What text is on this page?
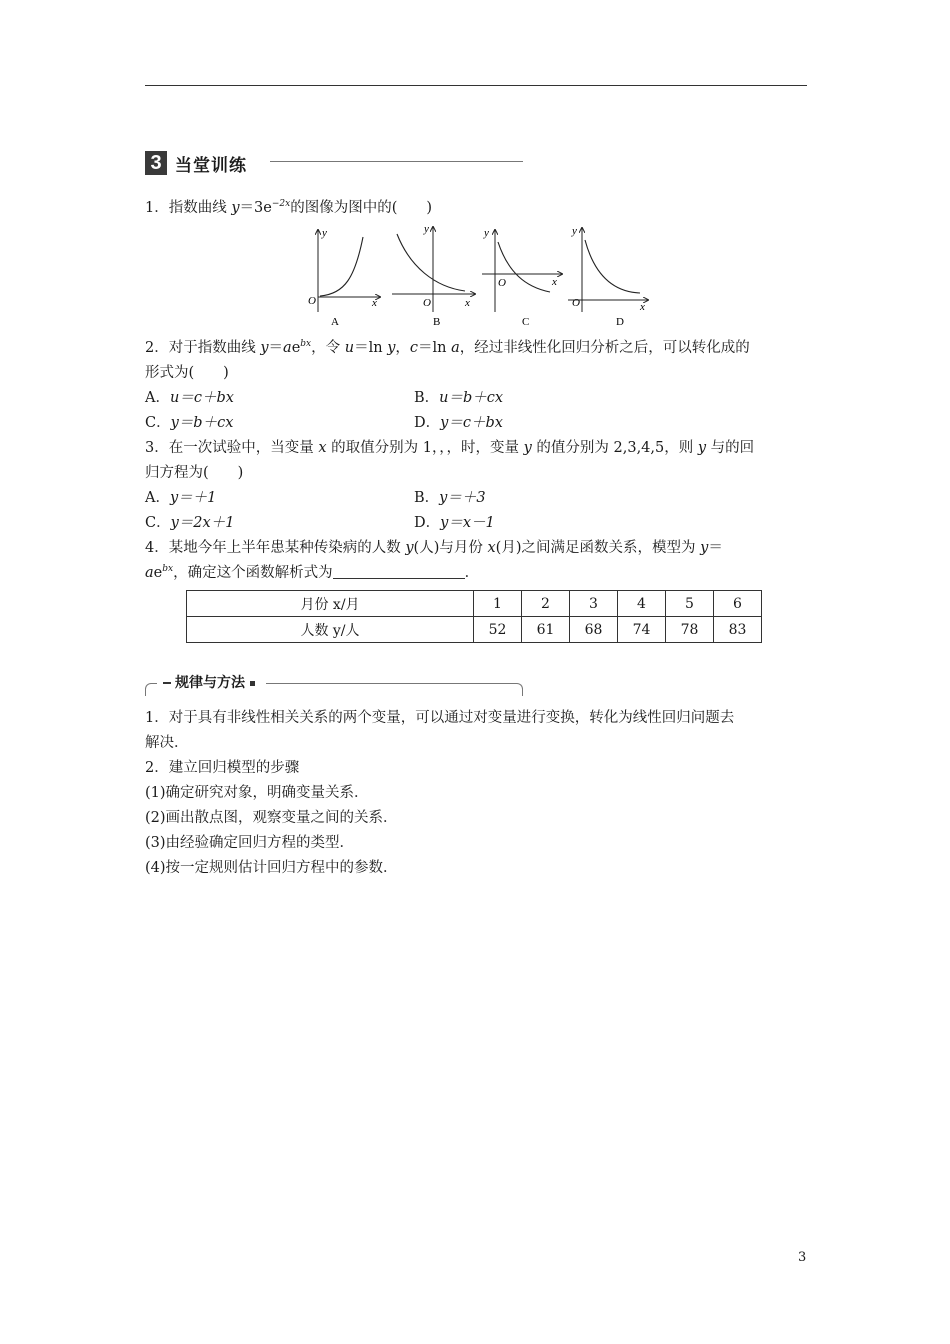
3 当堂训练
1．指数曲线 $y=3e^{-2x}$的图像为图中的(　　)
O	x
y
A
O	x
y
B
O	x
y
C
O	x
y
D
2．对于指数曲线 $y=ae^{bx}$，令 u＝ln y，c＝ln a，经过非线性化回归分析之后，可以转化成的
形式为(　　)
A．u＝c＋bx	B．u＝b＋cx
C．y＝b＋cx	D．y＝c＋bx
3．在一次试验中，当变量 x 的取值分别为 1，，，时，变量 y 的值分别为 2,3,4,5，则 y 与的回
归方程为(　　)
A．y＝＋1	B．y＝＋3
C．y＝2x＋1	D．y＝x－1
4．某地今年上半年患某种传染病的人数 y(人)与月份 x(月)之间满足函数关系，模型为 y＝
$ae^{bx}$，确定这个函数解析式为	．
月份 x/月	1	2	3	4	5	6
人数 y/人	52	61	68	74	78	83
规律与方法
1．对于具有非线性相关关系的两个变量，可以通过对变量进行变换，转化为线性回归问题去
解决．
2．建立回归模型的步骤
(1)确定研究对象，明确变量关系．
(2)画出散点图，观察变量之间的关系．
(3)由经验确定回归方程的类型．
(4)按一定规则估计回归方程中的参数．
3
